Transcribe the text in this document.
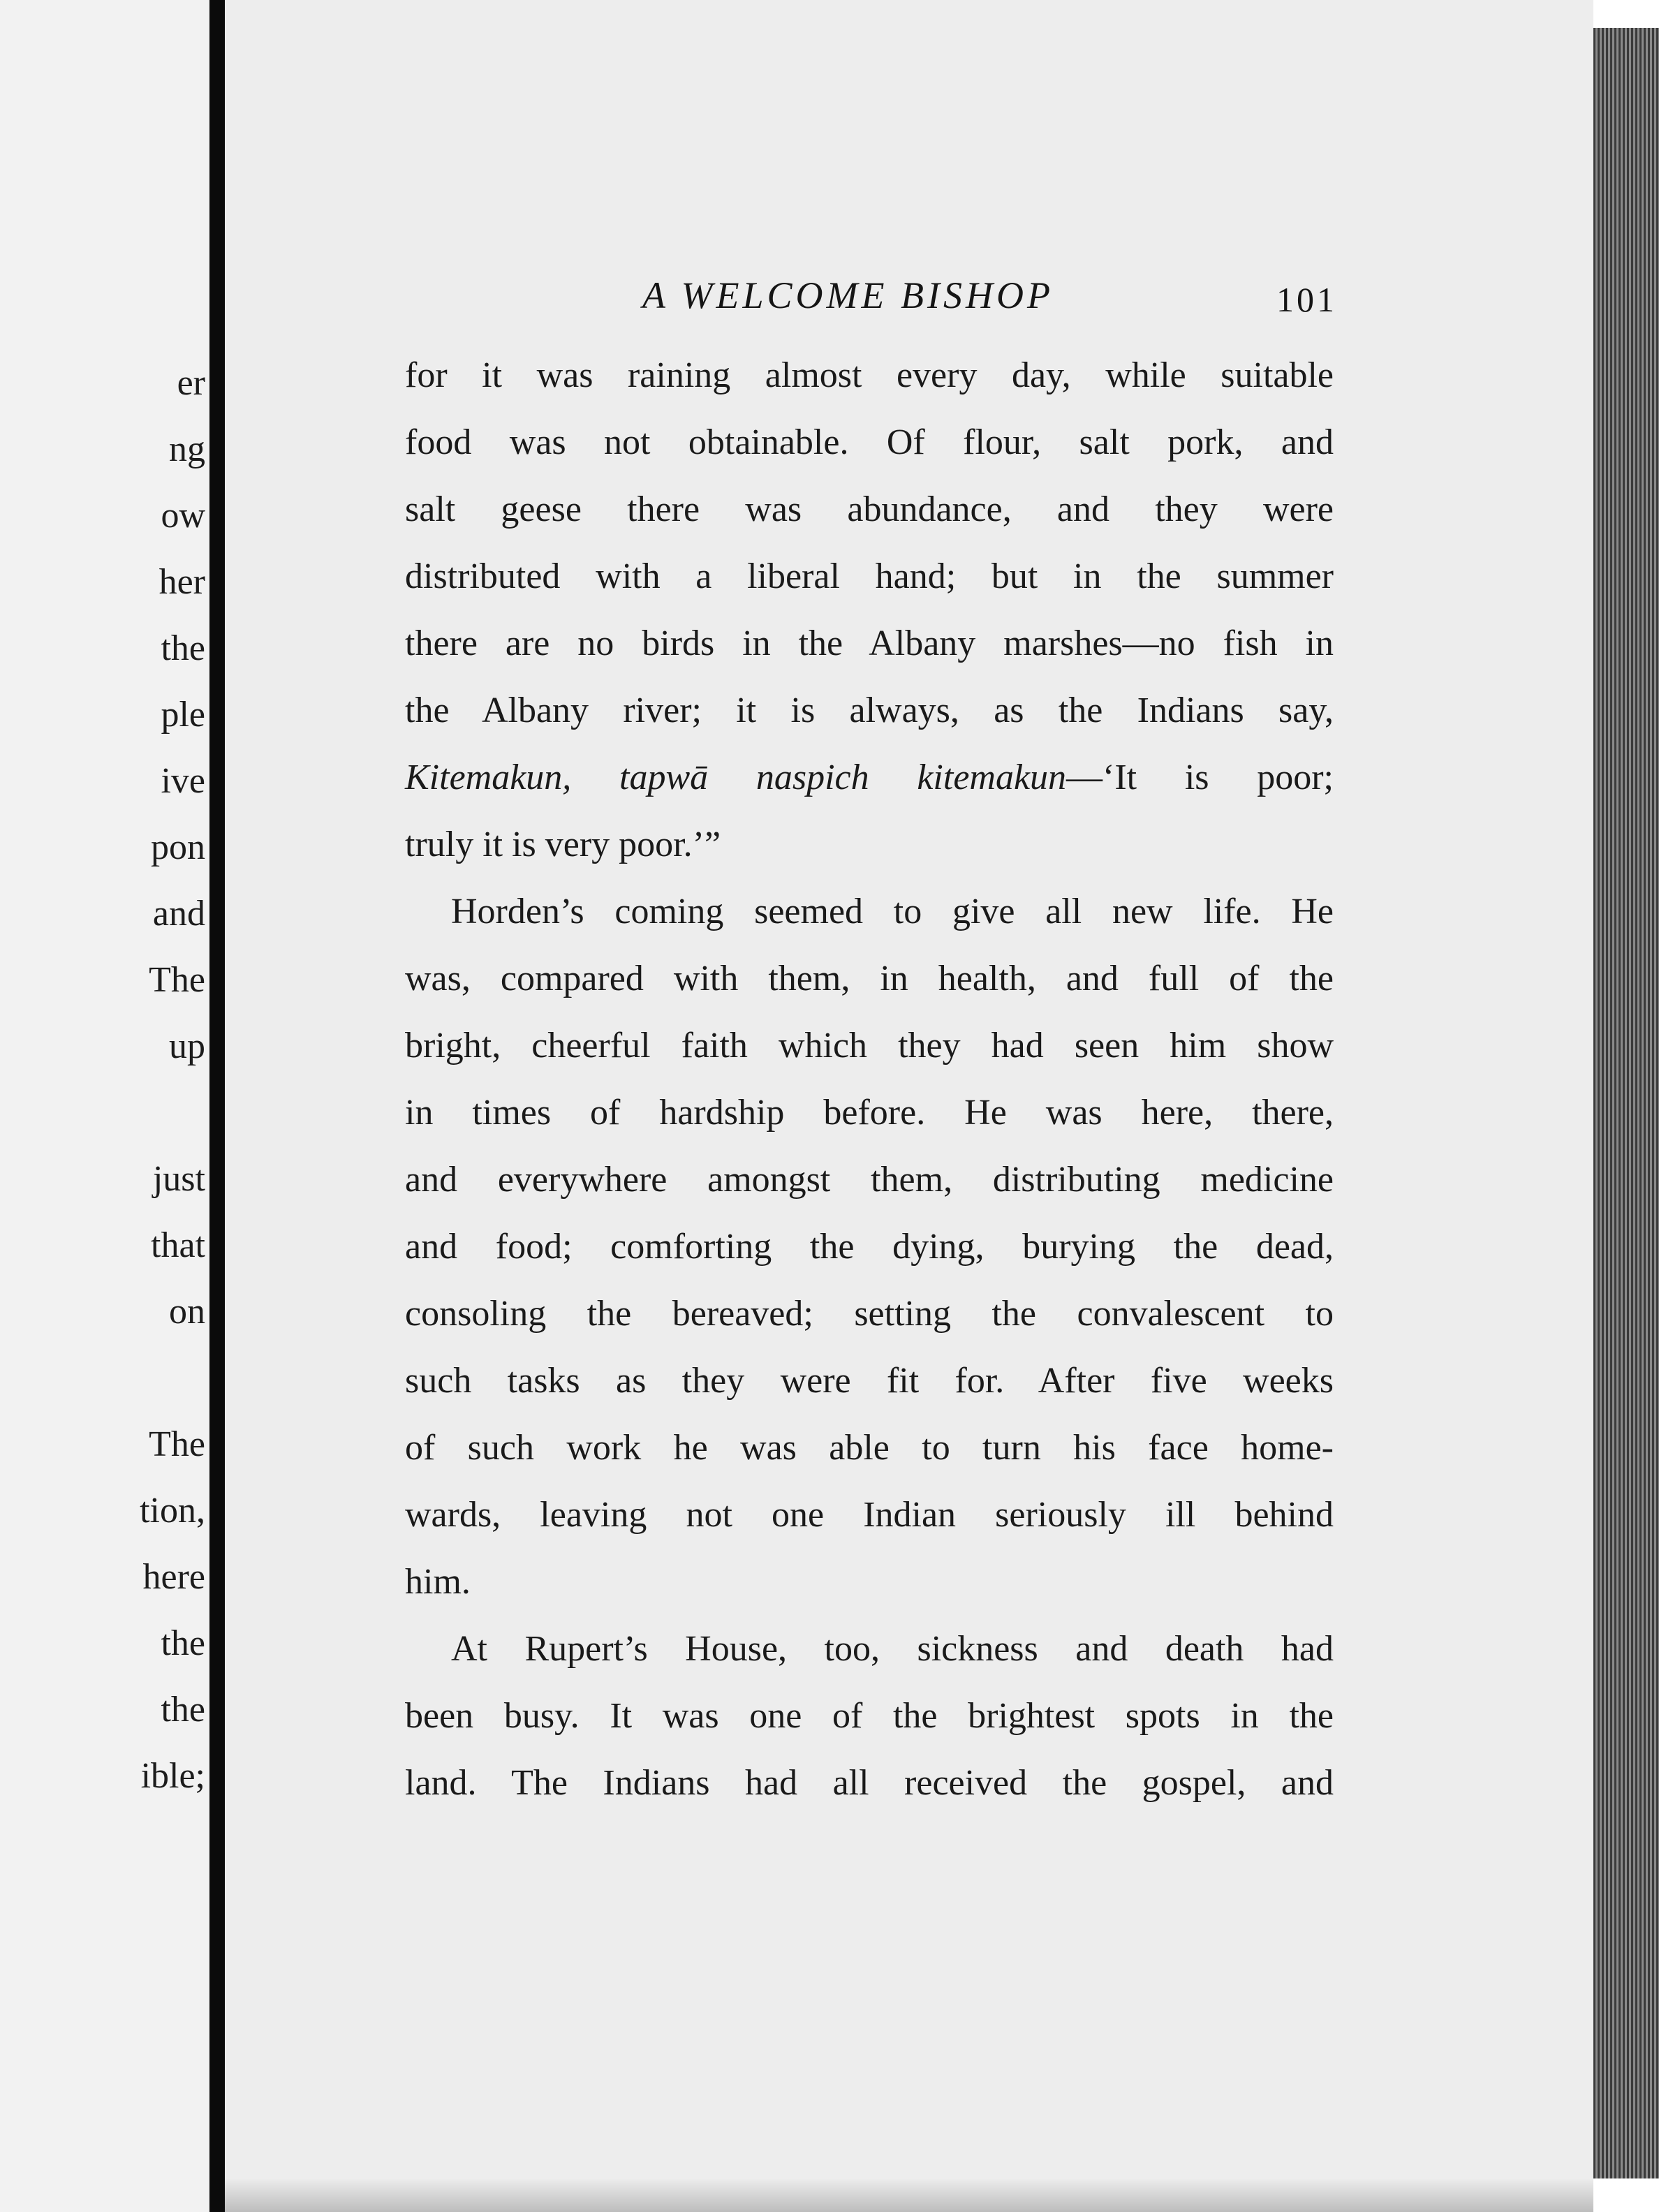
er
ng
ow
her
the
ple
ive
pon
and
The
up
just
that
on
The
tion,
here
the
the
ible;
A WELCOME BISHOP	101
for it was raining almost every day, while suitable
food was not obtainable. Of flour, salt pork, and
salt geese there was abundance, and they were
distributed with a liberal hand; but in the summer
there are no birds in the Albany marshes—no fish in
the Albany river; it is always, as the Indians say,
Kitemakun, tapwā naspich kitemakun—‘It is poor;
truly it is very poor.’”
Horden’s coming seemed to give all new life. He
was, compared with them, in health, and full of the
bright, cheerful faith which they had seen him show
in times of hardship before. He was here, there,
and everywhere amongst them, distributing medicine
and food; comforting the dying, burying the dead,
consoling the bereaved; setting the convalescent to
such tasks as they were fit for. After five weeks
of such work he was able to turn his face home-
wards, leaving not one Indian seriously ill behind
him.
At Rupert’s House, too, sickness and death had
been busy. It was one of the brightest spots in the
land. The Indians had all received the gospel, and
